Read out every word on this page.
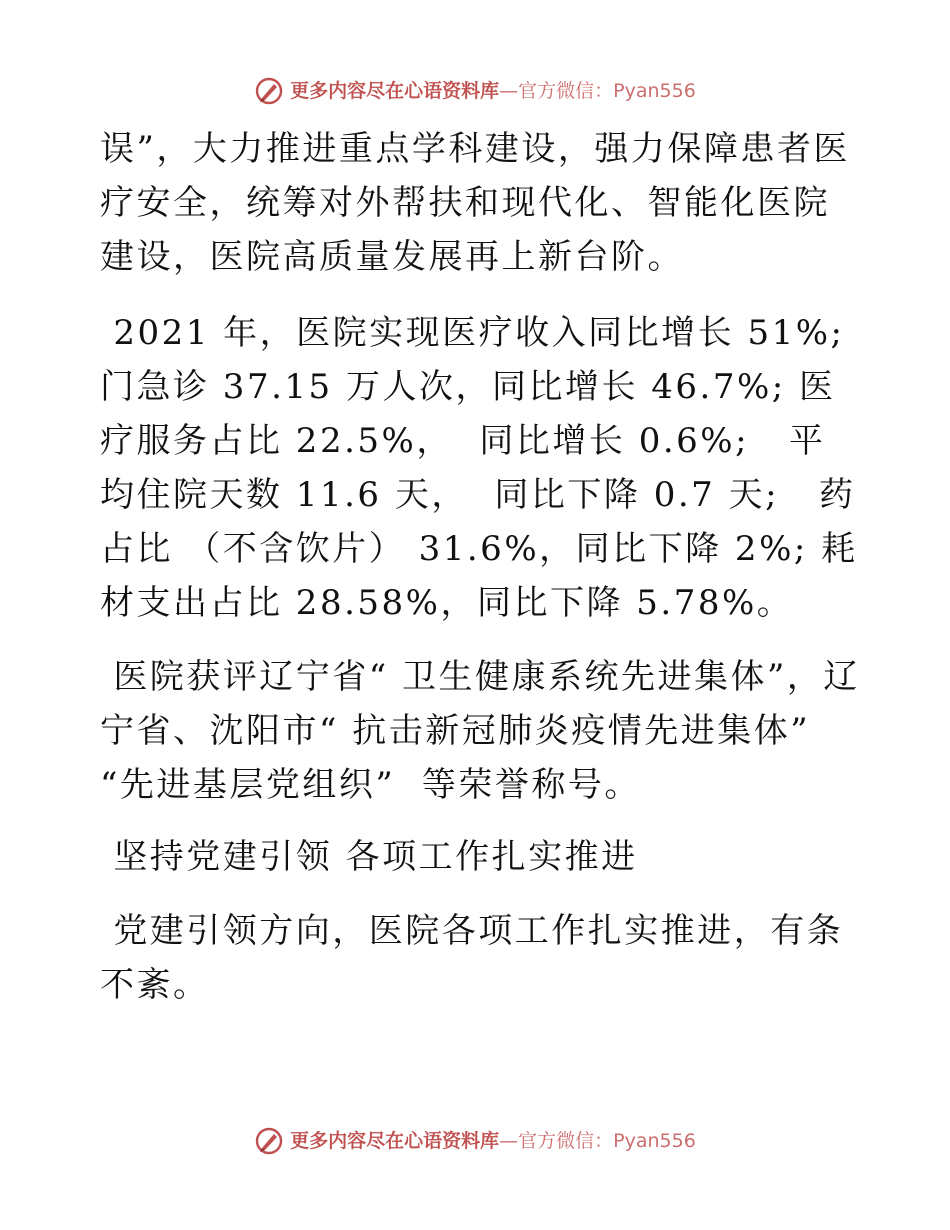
更多内容尽在心语资料库—官方微信：Pyan556

误”，大力推进重点学科建设，强力保障患者医疗安全，统筹对外帮扶和现代化、智能化医院建设，医院高质量发展再上新台阶。

2021 年，医院实现医疗收入同比增长 51%; 门急诊 37.15 万人次，同比增长 46.7%; 医疗服务占比 22.5%，  同比增长 0.6%;   平均住院天数 11.6 天，  同比下降 0.7 天;   药占比 （不含饮片） 31.6%，同比下降 2%; 耗材支出占比 28.58%，同比下降 5.78%。

医院获评辽宁省“ 卫生健康系统先进集体”，辽宁省、沈阳市“ 抗击新冠肺炎疫情先进集体”  “先进基层党组织”  等荣誉称号。

坚持党建引领 各项工作扎实推进

党建引领方向，医院各项工作扎实推进，有条不紊。

更多内容尽在心语资料库—官方微信：Pyan556
